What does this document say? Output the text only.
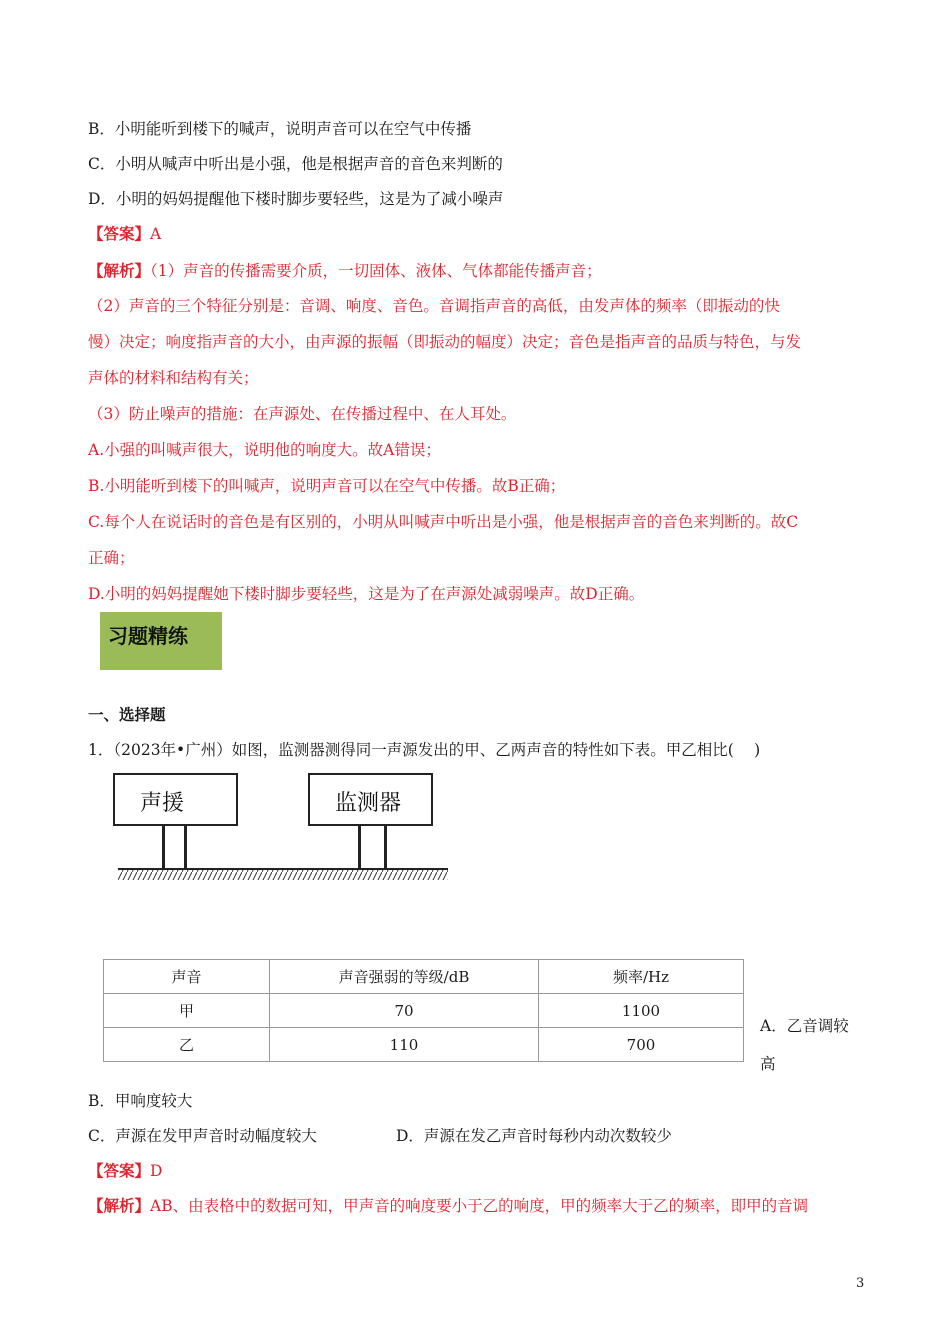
B．小明能听到楼下的喊声，说明声音可以在空气中传播
C．小明从喊声中听出是小强，他是根据声音的音色来判断的
D．小明的妈妈提醒他下楼时脚步要轻些，这是为了减小噪声
【答案】A
【解析】（1）声音的传播需要介质，一切固体、液体、气体都能传播声音；
（2）声音的三个特征分别是：音调、响度、音色。音调指声音的高低，由发声体的频率（即振动的快
慢）决定；响度指声音的大小，由声源的振幅（即振动的幅度）决定；音色是指声音的品质与特色，与发
声体的材料和结构有关；
（3）防止噪声的措施：在声源处、在传播过程中、在人耳处。
A.小强的叫喊声很大，说明他的响度大。故A错误；
B.小明能听到楼下的叫喊声，说明声音可以在空气中传播。故B正确；
C.每个人在说话时的音色是有区别的，小明从叫喊声中听出是小强，他是根据声音的音色来判断的。故C
正确；
D.小明的妈妈提醒她下楼时脚步要轻些，这是为了在声源处减弱噪声。故D正确。
习题精练
一、选择题
1．（2023年•广州）如图，监测器测得同一声源发出的甲、乙两声音的特性如下表。甲乙相比(　 )
声援	监测器
声音	声音强弱的等级/dB	频率/Hz
甲	70	1100
乙	110	700
A．乙音调较
高
B．甲响度较大
C．声源在发甲声音时动幅度较大	D．声源在发乙声音时每秒内动次数较少
【答案】D
【解析】AB、由表格中的数据可知，甲声音的响度要小于乙的响度，甲的频率大于乙的频率，即甲的音调
3
